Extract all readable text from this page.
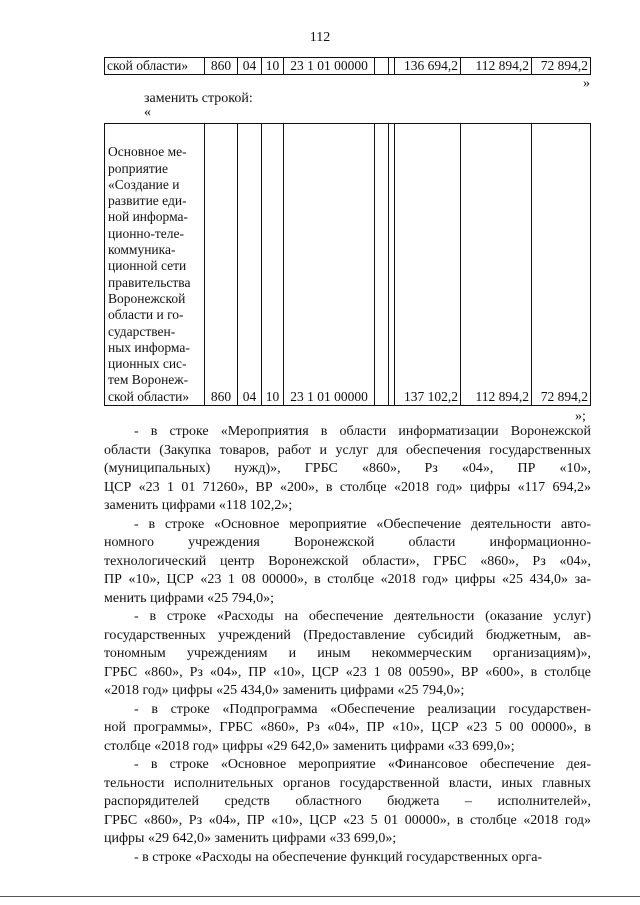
112
ской области»	860	04	10	23 1 01 00000			136 694,2	112 894,2	72 894,2
»
заменить строкой:
«
Основное ме-
роприятие
«Создание и
развитие еди-
ной информа-
ционно-теле-
коммуника-
ционной сети
правительства
Воронежской
области и го-
сударствен-
ных информа-
ционных сис-
тем Воронеж-
ской области»	860	04	10	23 1 01 00000			137 102,2	112 894,2	72 894,2
»;
- в строке «Мероприятия в области информатизации Воронежской
области (Закупка товаров, работ и услуг для обеспечения государственных
(муниципальных) нужд)», ГРБС «860», Рз «04», ПР «10»,
ЦСР «23 1 01 71260», ВР «200», в столбце «2018 год» цифры «117 694,2»
заменить цифрами «118 102,2»;
- в строке «Основное мероприятие «Обеспечение деятельности авто-
номного учреждения Воронежской области информационно-
технологический центр Воронежской области», ГРБС «860», Рз «04»,
ПР «10», ЦСР «23 1 08 00000», в столбце «2018 год» цифры «25 434,0» за-
менить цифрами «25 794,0»;
- в строке «Расходы на обеспечение деятельности (оказание услуг)
государственных учреждений (Предоставление субсидий бюджетным, ав-
тономным учреждениям и иным некоммерческим организациям)»,
ГРБС «860», Рз «04», ПР «10», ЦСР «23 1 08 00590», ВР «600», в столбце
«2018 год» цифры «25 434,0» заменить цифрами «25 794,0»;
- в строке «Подпрограмма «Обеспечение реализации государствен-
ной программы», ГРБС «860», Рз «04», ПР «10», ЦСР «23 5 00 00000», в
столбце «2018 год» цифры «29 642,0» заменить цифрами «33 699,0»;
- в строке «Основное мероприятие «Финансовое обеспечение дея-
тельности исполнительных органов государственной власти, иных главных
распорядителей средств областного бюджета – исполнителей»,
ГРБС «860», Рз «04», ПР «10», ЦСР «23 5 01 00000», в столбце «2018 год»
цифры «29 642,0» заменить цифрами «33 699,0»;
- в строке «Расходы на обеспечение функций государственных орга-
